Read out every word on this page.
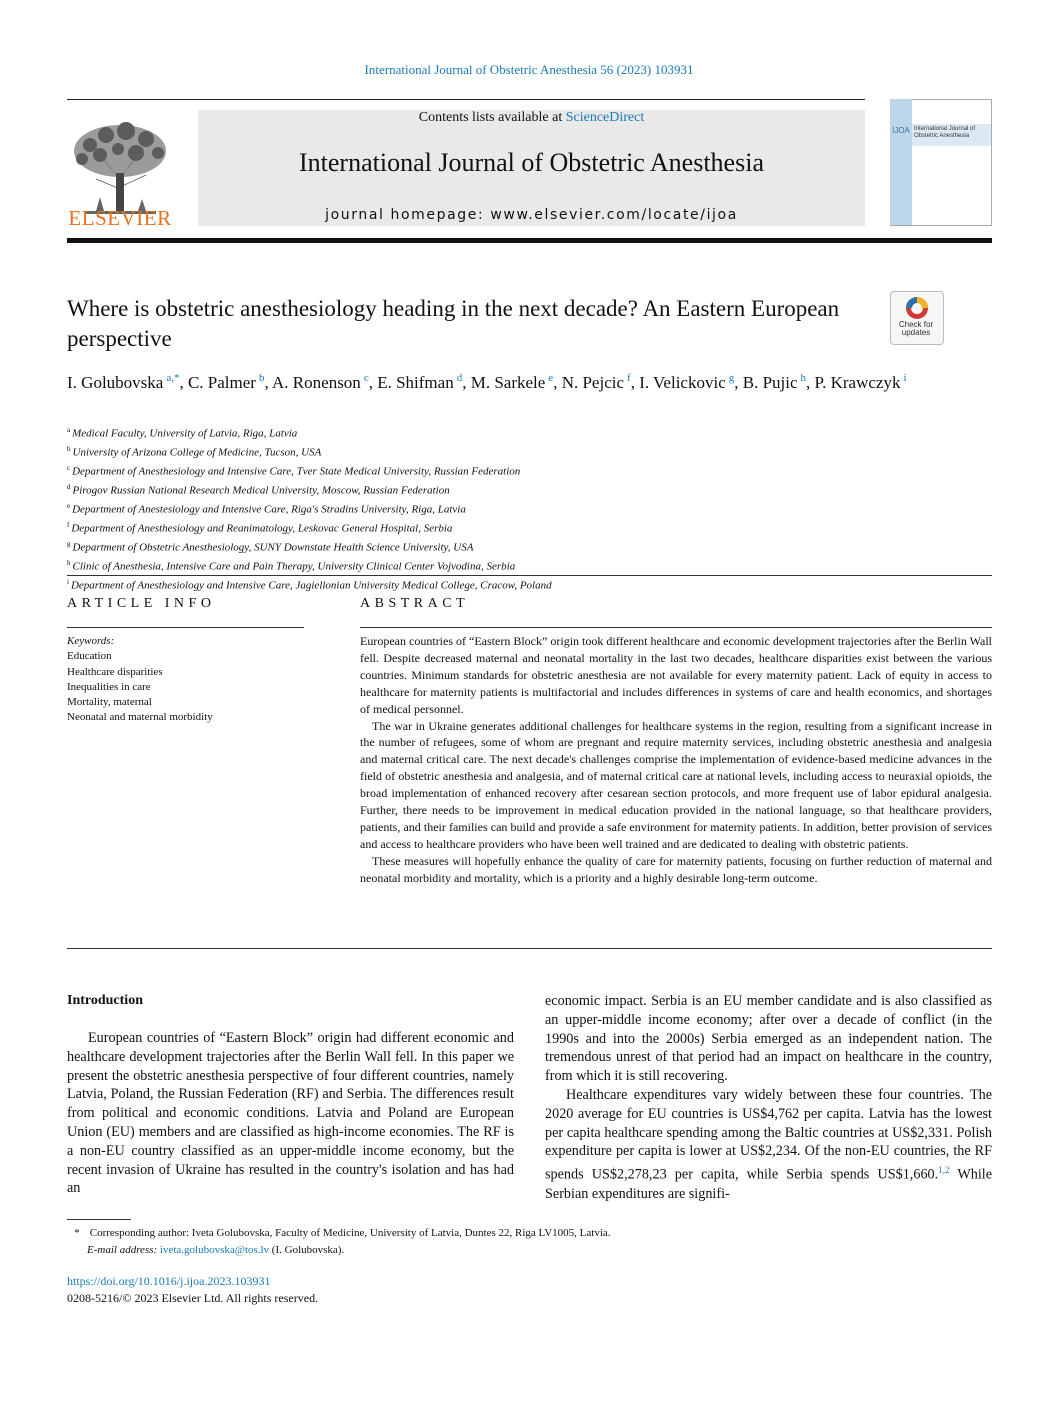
International Journal of Obstetric Anesthesia 56 (2023) 103931
ELSEVIER
Contents lists available at ScienceDirect
International Journal of Obstetric Anesthesia
journal homepage: www.elsevier.com/locate/ijoa
IJOA International Journal of Obstetric Anesthesia
Where is obstetric anesthesiology heading in the next decade? An Eastern European perspective
Check for updates
I. Golubovska $^{a,*}$, C. Palmer $^b$, A. Ronenson $^c$, E. Shifman $^d$, M. Sarkele $^e$, N. Pejcic $^f$, I. Velickovic $^g$, B. Pujic $^h$, P. Krawczyk $^i$
$^a$ Medical Faculty, University of Latvia, Riga, Latvia
$^b$ University of Arizona College of Medicine, Tucson, USA
$^c$ Department of Anesthesiology and Intensive Care, Tver State Medical University, Russian Federation
$^d$ Pirogov Russian National Research Medical University, Moscow, Russian Federation
$^e$ Department of Anestesiology and Intensive Care, Riga's Stradins University, Riga, Latvia
$^f$ Department of Anesthesiology and Reanimatology, Leskovac General Hospital, Serbia
$^g$ Department of Obstetric Anesthesiology, SUNY Downstate Health Science University, USA
$^h$ Clinic of Anesthesia, Intensive Care and Pain Therapy, University Clinical Center Vojvodina, Serbia
$^i$ Department of Anesthesiology and Intensive Care, Jagiellonian University Medical College, Cracow, Poland
ARTICLE INFO	ABSTRACT
Keywords:
Education
Healthcare disparities
Inequalities in care
Mortality, maternal
Neonatal and maternal morbidity

European countries of “Eastern Block” origin took different healthcare and economic development trajectories after the Berlin Wall fell. Despite decreased maternal and neonatal mortality in the last two decades, healthcare disparities exist between the various countries. Minimum standards for obstetric anesthesia are not available for every maternity patient. Lack of equity in access to healthcare for maternity patients is multifactorial and includes differences in systems of care and health economics, and shortages of medical personnel.

The war in Ukraine generates additional challenges for healthcare systems in the region, resulting from a significant increase in the number of refugees, some of whom are pregnant and require maternity services, including obstetric anesthesia and analgesia and maternal critical care. The next decade's challenges comprise the implementation of evidence-based medicine advances in the field of obstetric anesthesia and analgesia, and of maternal critical care at national levels, including access to neuraxial opioids, the broad implementation of enhanced recovery after cesarean section protocols, and more frequent use of labor epidural analgesia. Further, there needs to be improvement in medical education provided in the national language, so that healthcare providers, patients, and their families can build and provide a safe environment for maternity patients. In addition, better provision of services and access to healthcare providers who have been well trained and are dedicated to dealing with obstetric patients.

These measures will hopefully enhance the quality of care for maternity patients, focusing on further reduction of maternal and neonatal morbidity and mortality, which is a priority and a highly desirable long-term outcome.

Introduction

European countries of “Eastern Block” origin had different economic and healthcare development trajectories after the Berlin Wall fell. In this paper we present the obstetric anesthesia perspective of four different countries, namely Latvia, Poland, the Russian Federation (RF) and Serbia. The differences result from political and economic conditions. Latvia and Poland are European Union (EU) members and are classified as high-income economies. The RF is a non-EU country classified as an upper-middle income economy, but the recent invasion of Ukraine has resulted in the country's isolation and has had an

economic impact. Serbia is an EU member candidate and is also classified as an upper-middle income economy; after over a decade of conflict (in the 1990s and into the 2000s) Serbia emerged as an independent nation. The tremendous unrest of that period had an impact on healthcare in the country, from which it is still recovering.

Healthcare expenditures vary widely between these four countries. The 2020 average for EU countries is US$4,762 per capita. Latvia has the lowest per capita healthcare spending among the Baltic countries at US$2,331. Polish expenditure per capita is lower at US$2,234. Of the non-EU countries, the RF spends US$2,278,23 per capita, while Serbia spends US$1,660.$^{1,2}$ While Serbian expenditures are signifi-

* Corresponding author: Iveta Golubovska, Faculty of Medicine, University of Latvia, Duntes 22, Riga LV1005, Latvia.
E-mail address: iveta.golubovska@tos.lv (I. Golubovska).
https://doi.org/10.1016/j.ijoa.2023.103931
0208-5216/© 2023 Elsevier Ltd. All rights reserved.
